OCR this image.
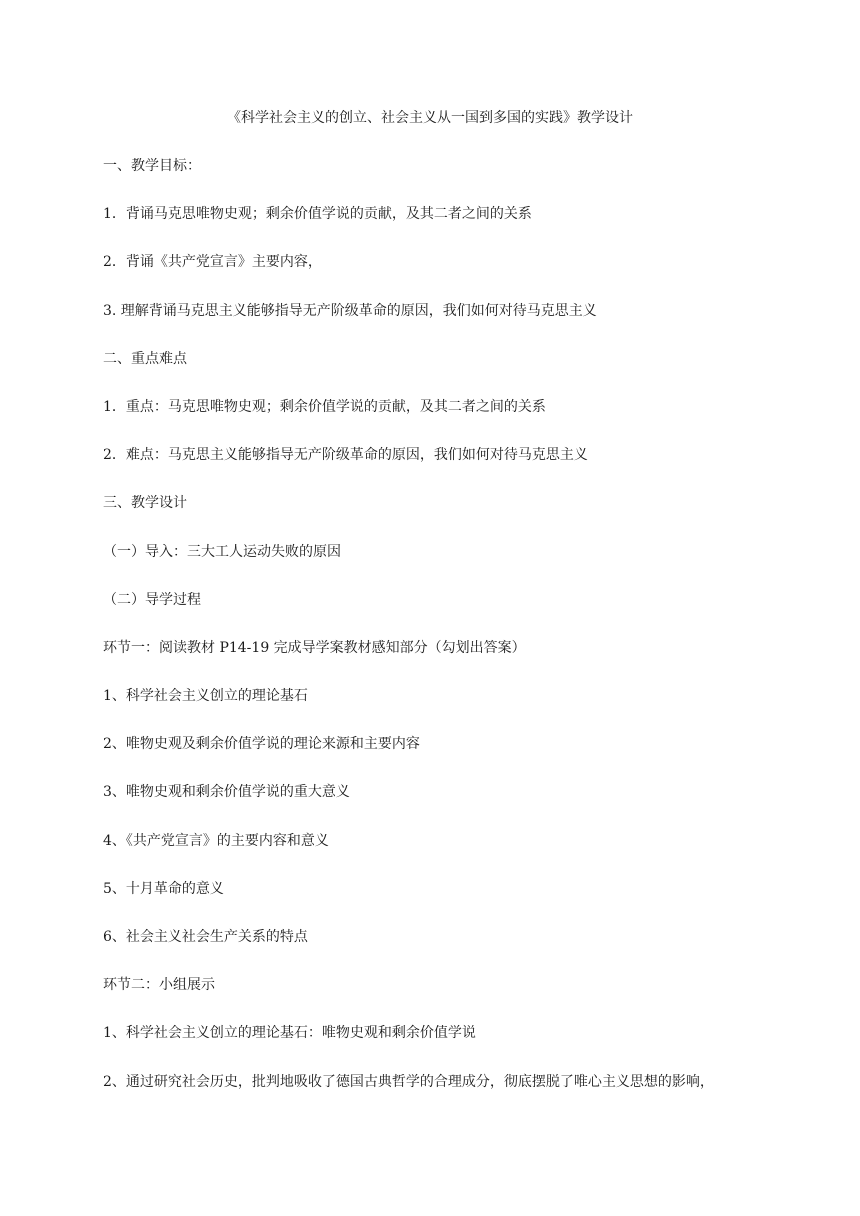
《科学社会主义的创立、社会主义从一国到多国的实践》教学设计
一、教学目标：
1．背诵马克思唯物史观；剩余价值学说的贡献，及其二者之间的关系
2．背诵《共产党宣言》主要内容，
3. 理解背诵马克思主义能够指导无产阶级革命的原因，我们如何对待马克思主义
二、重点难点
1．重点：马克思唯物史观；剩余价值学说的贡献，及其二者之间的关系
2．难点：马克思主义能够指导无产阶级革命的原因，我们如何对待马克思主义
三、教学设计
（一）导入：三大工人运动失败的原因
（二）导学过程
环节一：阅读教材 P14-19 完成导学案教材感知部分（勾划出答案）
1、科学社会主义创立的理论基石
2、唯物史观及剩余价值学说的理论来源和主要内容
3、唯物史观和剩余价值学说的重大意义
4、《共产党宣言》的主要内容和意义
5、十月革命的意义
6、社会主义社会生产关系的特点
环节二：小组展示
1、科学社会主义创立的理论基石：唯物史观和剩余价值学说
2、通过研究社会历史，批判地吸收了德国古典哲学的合理成分，彻底摆脱了唯心主义思想的影响，
